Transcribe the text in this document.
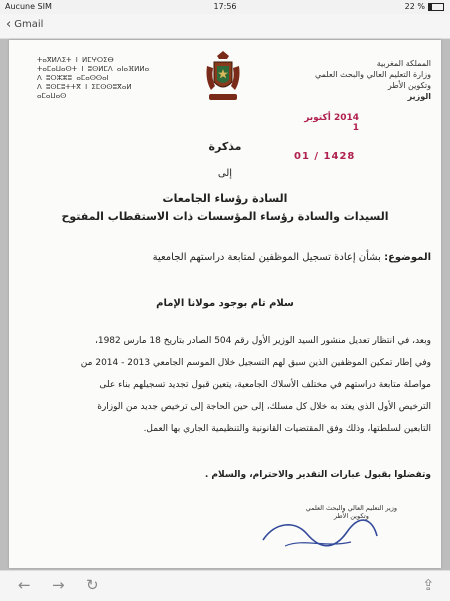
Aucune SIM	17:56	22 %
‹ Gmail
المملكة المغربية
وزارة التعليم العالي والبحث العلمي
وتكوين الأطر
الوزير
ⵜⴰⴳⵍⴷⵉⵜ ⵏ ⵍⵎⵖⵔⵉⴱ
ⵜⴰⵎⴰⵡⴰⵙⵜ ⵏ ⵓⵙⵍⵎⴷ ⴰⵏⴰⴼⵍⵍⴰ
ⴷ ⵓⵔⵣⵣⵓ ⴰⵎⴰⵙⵙⴰⵏ
ⴷ ⵓⵙⵎⵓⵜⵜⴳ ⵏ ⵉⵎⵙⵙⵓⴳⴰⵍ
ⴰⵎⴰⵡⴰⵙ
2014 أكتوبر 1
01 / 1428
مذكرة
إلى
السادة رؤساء الجامعات
السيدات والسادة رؤساء المؤسسات ذات الاستقطاب المفتوح
الموضوع: بشأن إعادة تسجيل الموظفين لمتابعة دراستهم الجامعية
سلام تام بوجود مولانا الإمام
وبعد، في انتظار تعديل منشور السيد الوزير الأول رقم 504 الصادر بتاريخ 18 مارس 1982،
وفي إطار تمكين الموظفين الذين سبق لهم التسجيل خلال الموسم الجامعي 2013 - 2014 من
مواصلة متابعة دراستهم في مختلف الأسلاك الجامعية، يتعين قبول تجديد تسجيلهم بناء على
الترخيص الأول الذي يعتد به خلال كل مسلك، إلى حين الحاجة إلى ترخيص جديد من الوزارة
التابعين لسلطتها، وذلك وفق المقتضيات القانونية والتنظيمية الجاري بها العمل.
وتفضلوا بقبول عبارات التقدير والاحترام، والسلام .
وزير التعليم العالي والبحث العلمي
وتكوين الأطر
← → ↻	⇪
